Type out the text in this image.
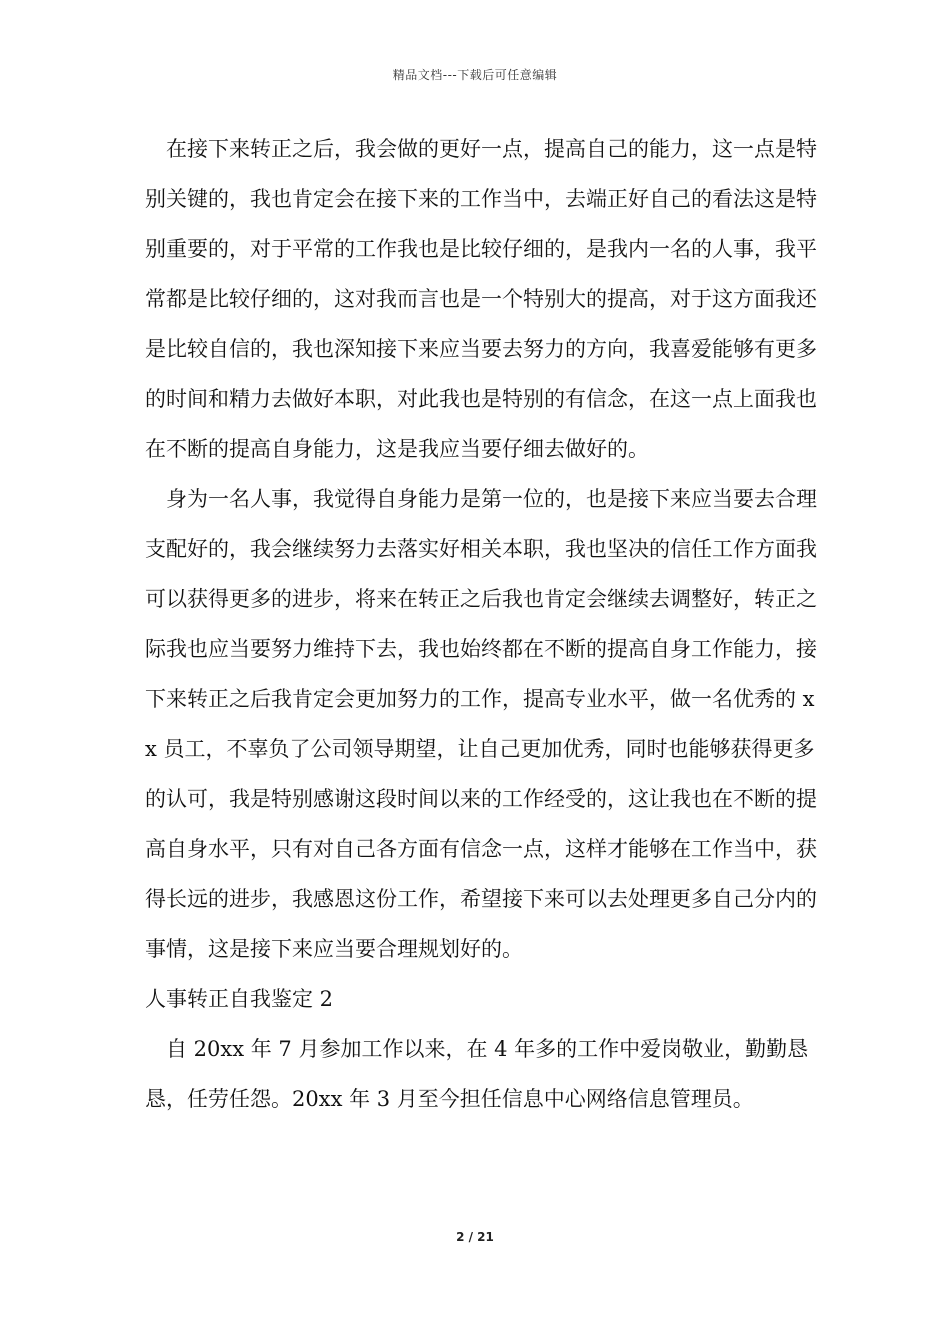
精品文档---下载后可任意编辑

在接下来转正之后，我会做的更好一点，提高自己的能力，这一点是特别关键的，我也肯定会在接下来的工作当中，去端正好自己的看法这是特别重要的，对于平常的工作我也是比较仔细的，是我内一名的人事，我平常都是比较仔细的，这对我而言也是一个特别大的提高，对于这方面我还是比较自信的，我也深知接下来应当要去努力的方向，我喜爱能够有更多的时间和精力去做好本职，对此我也是特别的有信念，在这一点上面我也在不断的提高自身能力，这是我应当要仔细去做好的。

身为一名人事，我觉得自身能力是第一位的，也是接下来应当要去合理支配好的，我会继续努力去落实好相关本职，我也坚决的信任工作方面我可以获得更多的进步，将来在转正之后我也肯定会继续去调整好，转正之际我也应当要努力维持下去，我也始终都在不断的提高自身工作能力，接下来转正之后我肯定会更加努力的工作，提高专业水平，做一名优秀的 xx 员工，不辜负了公司领导期望，让自己更加优秀，同时也能够获得更多的认可，我是特别感谢这段时间以来的工作经受的，这让我也在不断的提高自身水平，只有对自己各方面有信念一点，这样才能够在工作当中，获得长远的进步，我感恩这份工作，希望接下来可以去处理更多自己分内的事情，这是接下来应当要合理规划好的。

人事转正自我鉴定 2

自 20xx 年 7 月参加工作以来，在 4 年多的工作中爱岗敬业，勤勤恳恳，任劳任怨。20xx 年 3 月至今担任信息中心网络信息管理员。

2 / 21
